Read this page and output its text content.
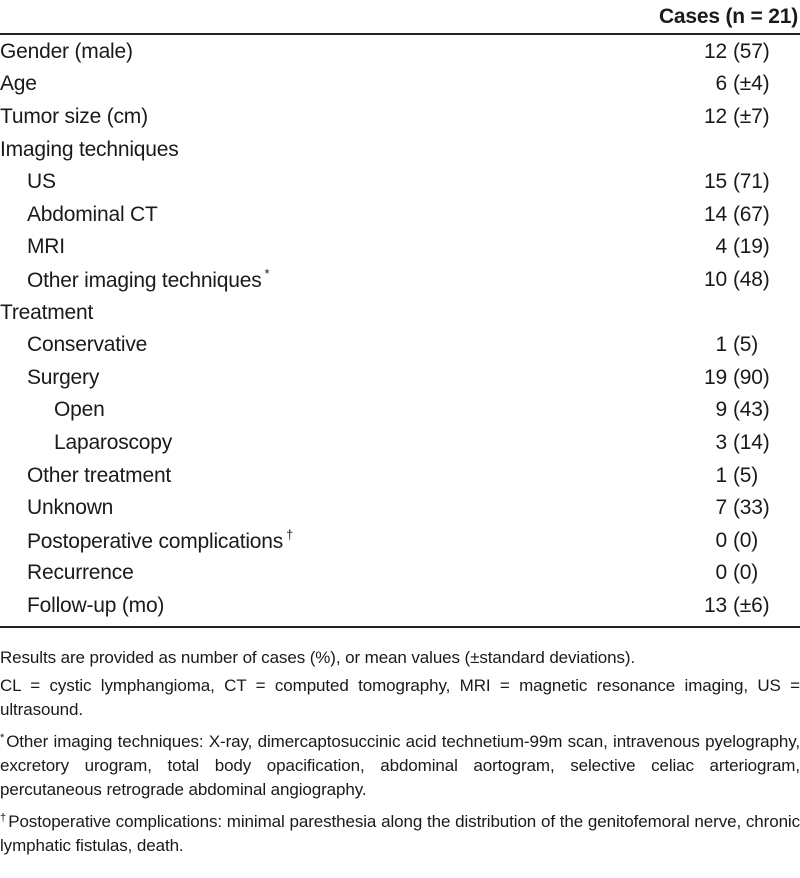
	Cases (n = 21)
Gender (male)	12 (57)
Age	6 (±4)
Tumor size (cm)	12 (±7)
Imaging techniques	
US	15 (71)
Abdominal CT	14 (67)
MRI	4 (19)
Other imaging techniques *	10 (48)
Treatment	
Conservative	1 (5)
Surgery	19 (90)
Open	9 (43)
Laparoscopy	3 (14)
Other treatment	1 (5)
Unknown	7 (33)
Postoperative complications †	0 (0)
Recurrence	0 (0)
Follow-up (mo)	13 (±6)

Results are provided as number of cases (%), or mean values (±standard deviations).

CL = cystic lymphangioma, CT = computed tomography, MRI = magnetic resonance imaging, US = ultrasound.

* Other imaging techniques: X-ray, dimercaptosuccinic acid technetium-99m scan, intravenous pyelography, excretory urogram, total body opacification, abdominal aortogram, selective celiac arteriogram, percutaneous retrograde abdominal angiography.

† Postoperative complications: minimal paresthesia along the distribution of the genitofemoral nerve, chronic lymphatic fistulas, death.
